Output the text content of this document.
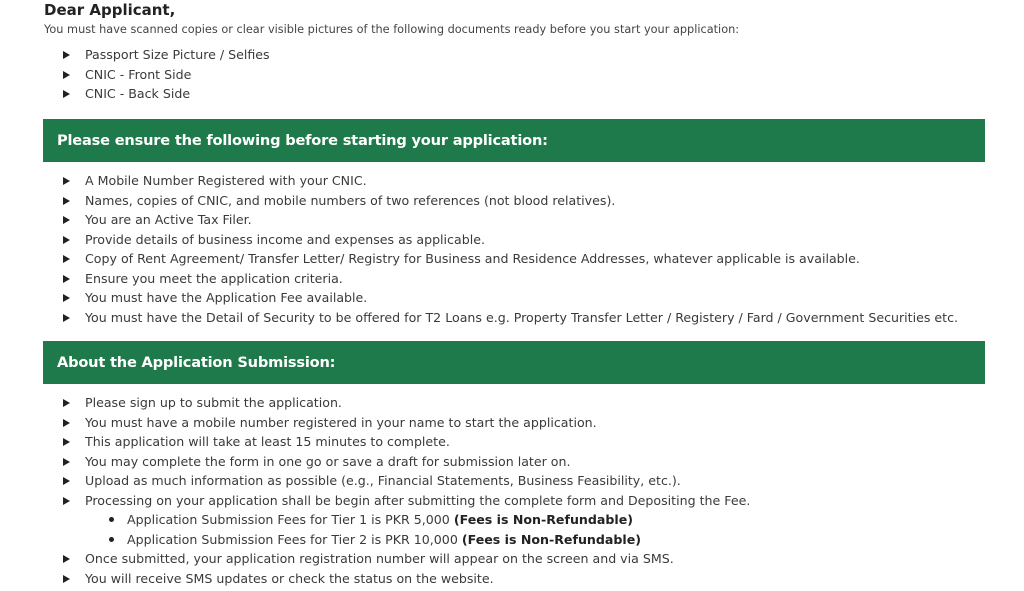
Dear Applicant,

You must have scanned copies or clear visible pictures of the following documents ready before you start your application:

Passport Size Picture / Selfies
CNIC - Front Side
CNIC - Back Side
Please ensure the following before starting your application:
A Mobile Number Registered with your CNIC.
Names, copies of CNIC, and mobile numbers of two references (not blood relatives).
You are an Active Tax Filer.
Provide details of business income and expenses as applicable.
Copy of Rent Agreement/ Transfer Letter/ Registry for Business and Residence Addresses, whatever applicable is available.
Ensure you meet the application criteria.
You must have the Application Fee available.
You must have the Detail of Security to be offered for T2 Loans e.g. Property Transfer Letter / Registery / Fard / Government Securities etc.
About the Application Submission:
Please sign up to submit the application.
You must have a mobile number registered in your name to start the application.
This application will take at least 15 minutes to complete.
You may complete the form in one go or save a draft for submission later on.
Upload as much information as possible (e.g., Financial Statements, Business Feasibility, etc.).
Processing on your application shall be begin after submitting the complete form and Depositing the Fee.
Application Submission Fees for Tier 1 is PKR 5,000 (Fees is Non-Refundable)
Application Submission Fees for Tier 2 is PKR 10,000 (Fees is Non-Refundable)
Once submitted, your application registration number will appear on the screen and via SMS.
You will receive SMS updates or check the status on the website.
